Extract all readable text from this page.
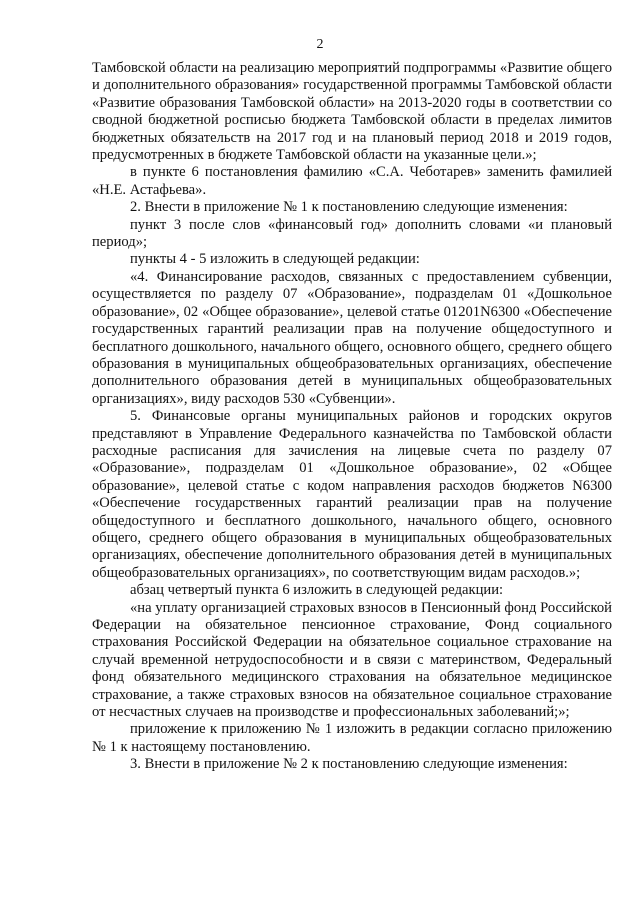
2

Тамбовской области на реализацию мероприятий подпрограммы «Развитие общего и дополнительного образования» государственной программы Тамбовской области «Развитие образования Тамбовской области» на 2013-2020 годы в соответствии со сводной бюджетной росписью бюджета Тамбовской области в пределах лимитов бюджетных обязательств на 2017 год и на плановый период 2018 и 2019 годов, предусмотренных в бюджете Тамбовской области на указанные цели.»;

в пункте 6 постановления фамилию «С.А. Чеботарев» заменить фамилией «Н.Е. Астафьева».

2. Внести в приложение № 1 к постановлению следующие изменения:

пункт 3 после слов «финансовый год» дополнить словами «и плановый период»;

пункты 4 - 5 изложить в следующей редакции:

«4. Финансирование расходов, связанных с предоставлением субвенции, осуществляется по разделу 07 «Образование», подразделам 01 «Дошкольное образование», 02 «Общее образование», целевой статье 01201N6300 «Обеспечение государственных гарантий реализации прав на получение общедоступного и бесплатного дошкольного, начального общего, основного общего, среднего общего образования в муниципальных общеобразовательных организациях, обеспечение дополнительного образования детей в муниципальных общеобразовательных организациях», виду расходов 530 «Субвенции».

5. Финансовые органы муниципальных районов и городских округов представляют в Управление Федерального казначейства по Тамбовской области расходные расписания для зачисления на лицевые счета по разделу 07 «Образование», подразделам 01 «Дошкольное образование», 02 «Общее образование», целевой статье с кодом направления расходов бюджетов N6300 «Обеспечение государственных гарантий реализации прав на получение общедоступного и бесплатного дошкольного, начального общего, основного общего, среднего общего образования в муниципальных общеобразовательных организациях, обеспечение дополнительного образования детей в муниципальных общеобразовательных организациях», по соответствующим видам расходов.»;

абзац четвертый пункта 6 изложить в следующей редакции:

«на уплату организацией страховых взносов в Пенсионный фонд Российской Федерации на обязательное пенсионное страхование, Фонд социального страхования Российской Федерации на обязательное социальное страхование на случай временной нетрудоспособности и в связи с материнством, Федеральный фонд обязательного медицинского страхования на обязательное медицинское страхование, а также страховых взносов на обязательное социальное страхование от несчастных случаев на производстве и профессиональных заболеваний;»;

приложение к приложению № 1 изложить в редакции согласно приложению № 1 к настоящему постановлению.

3. Внести в приложение № 2 к постановлению следующие изменения:
